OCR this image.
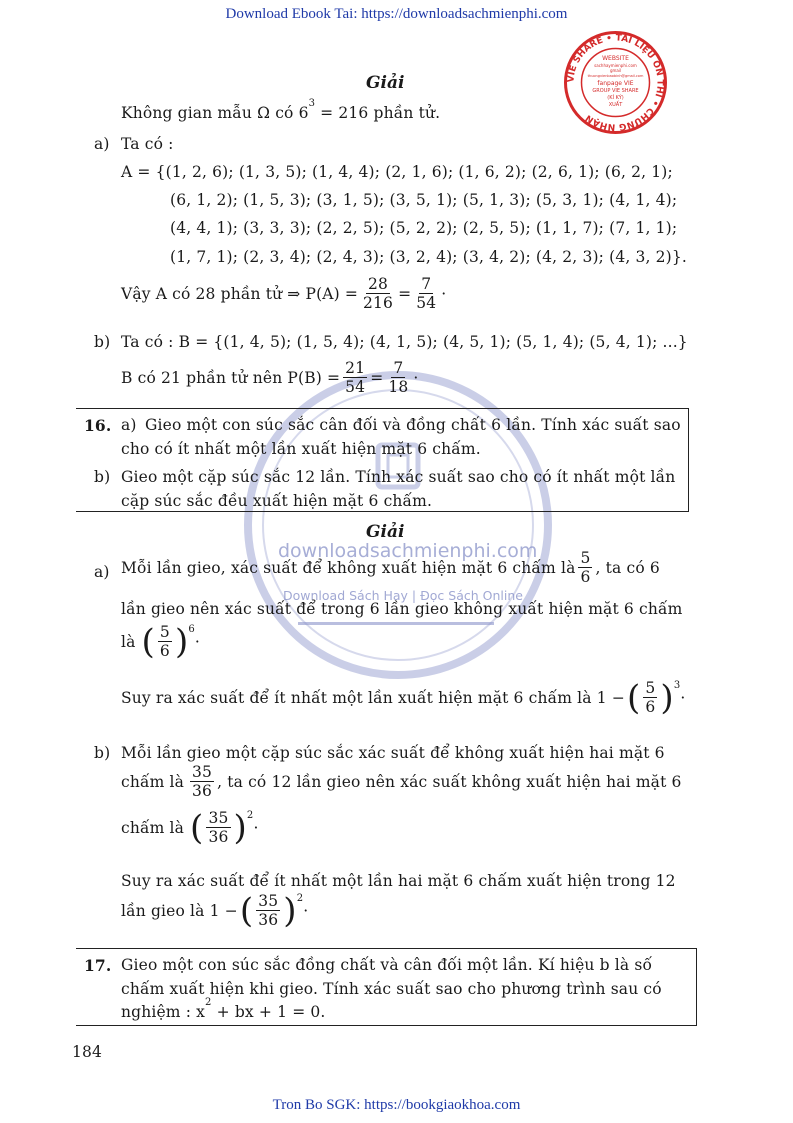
Download Ebook Tai: https://downloadsachmienphi.com
Tron Bo SGK: https://bookgiaokhoa.com
184
downloadsachmienphi.com
Download Sách Hay | Đọc Sách Online
VIE SHARE • TÀI LIỆU ÔN THI • CHỨNG NHẬN
WEBSITE
sachhaymienphi.com
gmail
thuongvienbaobinh@gmail.com
fanpage VIE
GROUP VIE SHARE
(KÍ KÝ)
XUẤT
Giải
Không gian mẫu Ω có $6^3 = 216$ phần tử.
a) Ta có :
A = {(1, 2, 6); (1, 3, 5); (1, 4, 4); (2, 1, 6); (1, 6, 2); (2, 6, 1); (6, 2, 1);
(6, 1, 2); (1, 5, 3); (3, 1, 5); (3, 5, 1); (5, 1, 3); (5, 3, 1); (4, 1, 4);
(4, 4, 1); (3, 3, 3); (2, 2, 5); (5, 2, 2); (2, 5, 5); (1, 1, 7); (7, 1, 1);
(1, 7, 1); (2, 3, 4); (2, 4, 3); (3, 2, 4); (3, 4, 2); (4, 2, 3); (4, 3, 2)}.
Vậy A có 28 phần tử ⇒ $P(A) = \frac{28}{216} = \frac{7}{54}$ ·
b) Ta có : B = {(1, 4, 5); (1, 5, 4); (4, 1, 5); (4, 5, 1); (5, 1, 4); (5, 4, 1); ...}
B có 21 phần tử nên $P(B) = \frac{21}{54} = \frac{7}{18}$ ·
16. a) Gieo một con súc sắc cân đối và đồng chất 6 lần. Tính xác suất sao
cho có ít nhất một lần xuất hiện mặt 6 chấm.
b) Gieo một cặp súc sắc 12 lần. Tính xác suất sao cho có ít nhất một lần
cặp súc sắc đều xuất hiện mặt 6 chấm.
Giải
a) Mỗi lần gieo, xác suất để không xuất hiện mặt 6 chấm là $\frac{5}{6}$ , ta có 6
lần gieo nên xác suất để trong 6 lần gieo không xuất hiện mặt 6 chấm
là ( $\frac{5}{6}$ ) 6
·
Suy ra xác suất để ít nhất một lần xuất hiện mặt 6 chấm là 1 − ( $\frac{5}{6}$ ) 3
·
b) Mỗi lần gieo một cặp súc sắc xác suất để không xuất hiện hai mặt 6
chấm là $\frac{35}{36}$ , ta có 12 lần gieo nên xác suất không xuất hiện hai mặt 6
chấm là ( $\frac{35}{36}$ ) 2
·
Suy ra xác suất để ít nhất một lần hai mặt 6 chấm xuất hiện trong 12
lần gieo là 1 − ( $\frac{35}{36}$ ) 2
·
17. Gieo một con súc sắc đồng chất và cân đối một lần. Kí hiệu b là số
chấm xuất hiện khi gieo. Tính xác suất sao cho phương trình sau có
nghiệm : $x^2$ + bx + 1 = 0.
